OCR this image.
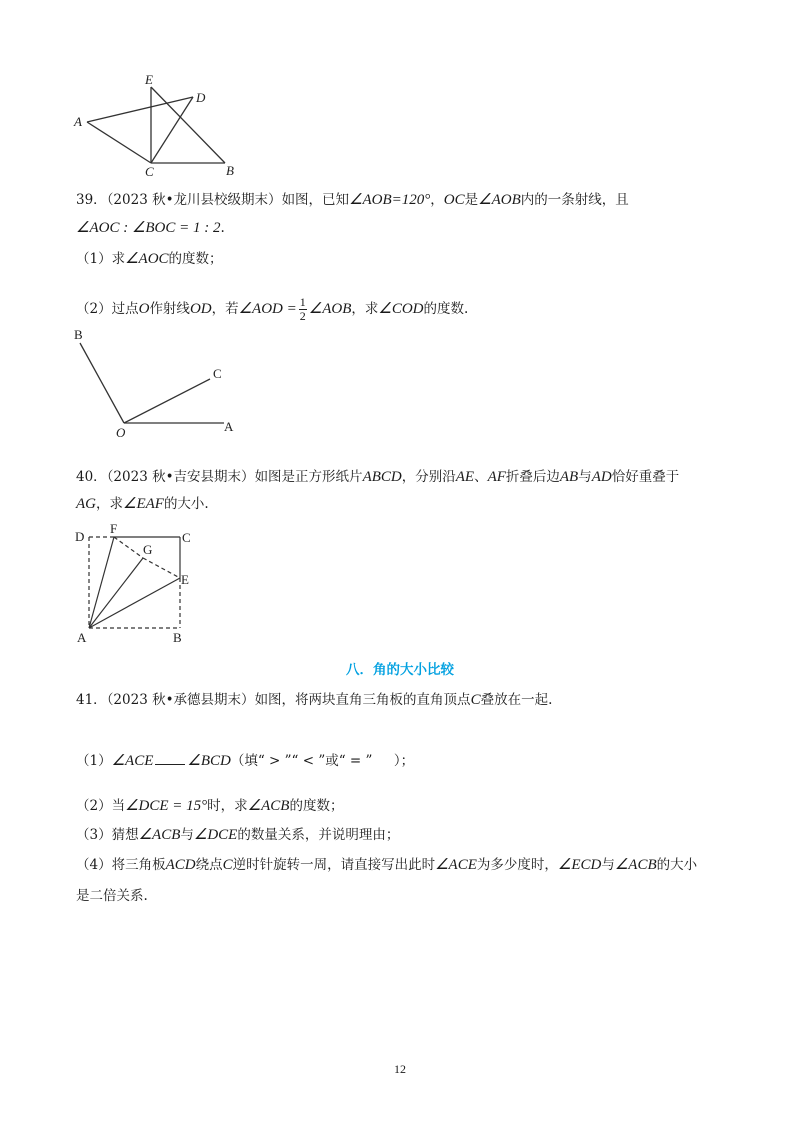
E
D
A
C	B
39．（2023 秋•龙川县校级期末）如图，已知∠AOB=120°，OC是∠AOB内的一条射线，且
∠AOC : ∠BOC = 1 : 2.
（1）求∠AOC的度数；
（2）过点O作射线OD，若∠AOD = $\frac{1}{2}$ ∠AOB，求∠COD的度数.
B
C
O	A
40．（2023 秋•吉安县期末）如图是正方形纸片ABCD，分别沿AE、AF折叠后边AB与AD恰好重叠于
AG，求∠EAF的大小.
D
F
G
C
E
A	B
八．角的大小比较
41．（2023 秋•承德县期末）如图，将两块直角三角板的直角顶点C叠放在一起.
（1）∠ACE ∠BCD（填“ > ”“ < ”或“ = ” ）；
（2）当∠DCE = 15°时，求∠ACB的度数；
（3）猜想∠ACB与∠DCE的数量关系，并说明理由；
（4）将三角板ACD绕点C逆时针旋转一周，请直接写出此时∠ACE为多少度时，∠ECD与∠ACB的大小
是二倍关系.
12
